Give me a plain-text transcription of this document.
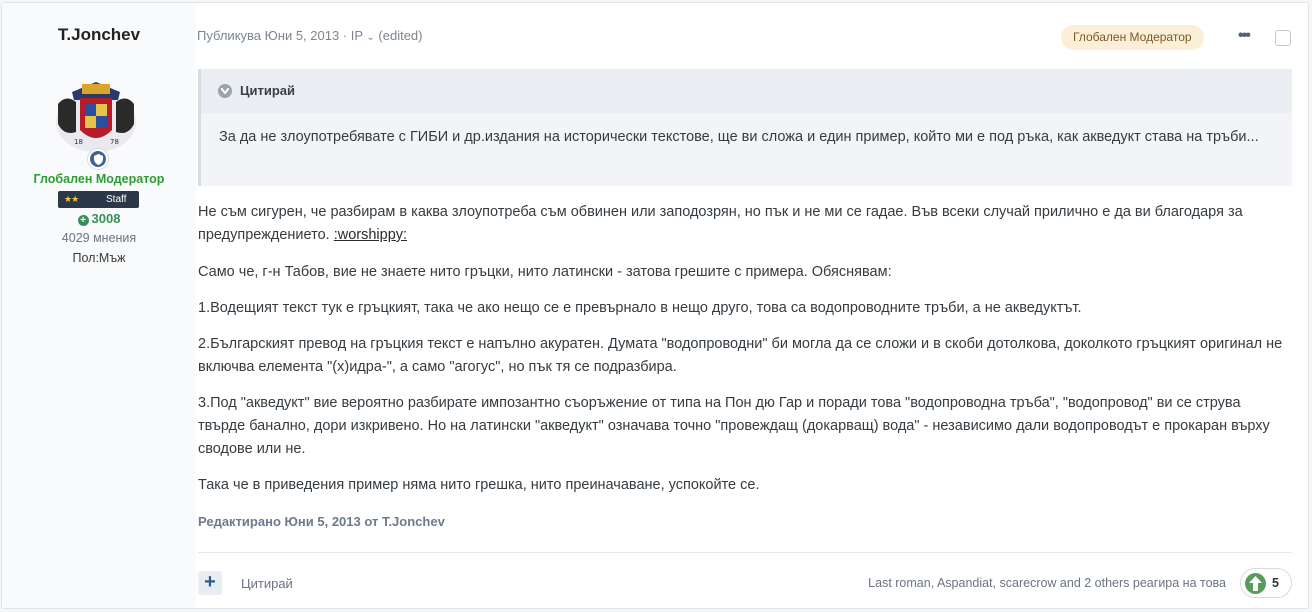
T.Jonchev
18	78
Глобален Модератор
★★	Staff
+ 3008
4029 мнения
Пол:Мъж
Публикува Юни 5, 2013 · IP ⌄ (edited)	Глобален Модератор	•••
Цитирай
За да не злоупотребявате с ГИБИ и др.издания на исторически текстове, ще ви сложа и един пример, който ми е под ръка, как акведукт става на тръби...

Не съм сигурен, че разбирам в каква злоупотреба съм обвинен или заподозрян, но пък и не ми се гадае. Във всеки случай прилично е да ви благодаря за предупреждението. :worshippy:

Само че, г-н Табов, вие не знаете нито гръцки, нито латински - затова грешите с примера. Обяснявам:

1.Водещият текст тук е гръцкият, така че ако нещо се е превърнало в нещо друго, това са водопроводните тръби, а не акведуктът.

2.Българският превод на гръцкия текст е напълно акуратен. Думата "водопроводни" би могла да се сложи и в скоби дотолкова, доколкото гръцкият оригинал не включва елемента "(х)идра-", а само "агогус", но пък тя се подразбира.

3.Под "акведукт" вие вероятно разбирате импозантно съоръжение от типа на Пон дю Гар и поради това "водопроводна тръба", "водопровод" ви се струва твърде банално, дори изкривено. Но на латински "акведукт" означава точно "провеждащ (докарващ) вода" - независимо дали водопроводът е прокаран върху сводове или не.

Така че в приведения пример няма нито грешка, нито преиначаване, успокойте се.

Редактирано Юни 5, 2013 от T.Jonchev
+	Цитирай	Last roman, Aspandiat, scarecrow and 2 others реагира на това	5
